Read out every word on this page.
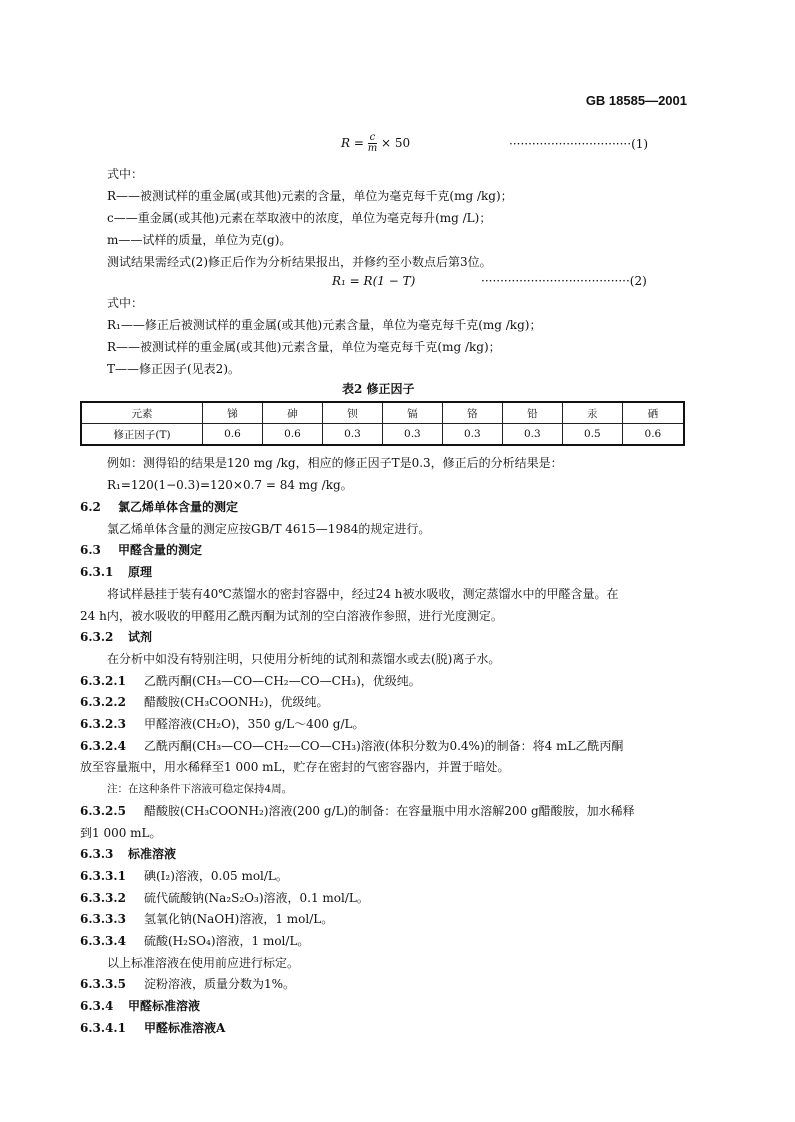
GB 18585—2001
$R = \frac{c}{m} \times 50$	································(1)
式中：
R——被测试样的重金属(或其他)元素的含量，单位为毫克每千克(mg /kg)；
c——重金属(或其他)元素在萃取液中的浓度，单位为毫克每升(mg /L)；
m——试样的质量，单位为克(g)。
测试结果需经式(2)修正后作为分析结果报出，并修约至小数点后第3位。
R₁ = R(1 − T)	·······································(2)
式中：
R₁——修正后被测试样的重金属(或其他)元素含量，单位为毫克每千克(mg /kg)；
R——被测试样的重金属(或其他)元素含量，单位为毫克每千克(mg /kg)；
T——修正因子(见表2)。
表2 修正因子
元素	锑	砷	钡	镉	铬	铅	汞	硒
修正因子(T)	0.6	0.6	0.3	0.3	0.3	0.3	0.5	0.6
例如：测得铅的结果是120 mg /kg，相应的修正因子T是0.3，修正后的分析结果是：
R₁=120(1−0.3)=120×0.7 = 84 mg /kg。
6.2 氯乙烯单体含量的测定
氯乙烯单体含量的测定应按GB/T 4615—1984的规定进行。
6.3 甲醛含量的测定
6.3.1 原理
将试样悬挂于装有40℃蒸馏水的密封容器中，经过24 h被水吸收，测定蒸馏水中的甲醛含量。在
24 h内，被水吸收的甲醛用乙酰丙酮为试剂的空白溶液作参照，进行光度测定。
6.3.2 试剂
在分析中如没有特别注明，只使用分析纯的试剂和蒸馏水或去(脱)离子水。
6.3.2.1 乙酰丙酮(CH₃—CO—CH₂—CO—CH₃)，优级纯。
6.3.2.2 醋酸胺(CH₃COONH₂)，优级纯。
6.3.2.3 甲醛溶液(CH₂O)，350 g/L～400 g/L。
6.3.2.4 乙酰丙酮(CH₃—CO—CH₂—CO—CH₃)溶液(体积分数为0.4%)的制备：将4 mL乙酰丙酮
放至容量瓶中，用水稀释至1 000 mL，贮存在密封的气密容器内，并置于暗处。
注：在这种条件下溶液可稳定保持4周。
6.3.2.5 醋酸胺(CH₃COONH₂)溶液(200 g/L)的制备：在容量瓶中用水溶解200 g醋酸胺，加水稀释
到1 000 mL。
6.3.3 标准溶液
6.3.3.1 碘(I₂)溶液，0.05 mol/L。
6.3.3.2 硫代硫酸钠(Na₂S₂O₃)溶液，0.1 mol/L。
6.3.3.3 氢氧化钠(NaOH)溶液，1 mol/L。
6.3.3.4 硫酸(H₂SO₄)溶液，1 mol/L。
以上标准溶液在使用前应进行标定。
6.3.3.5 淀粉溶液，质量分数为1%。
6.3.4 甲醛标准溶液
6.3.4.1 甲醛标准溶液A
